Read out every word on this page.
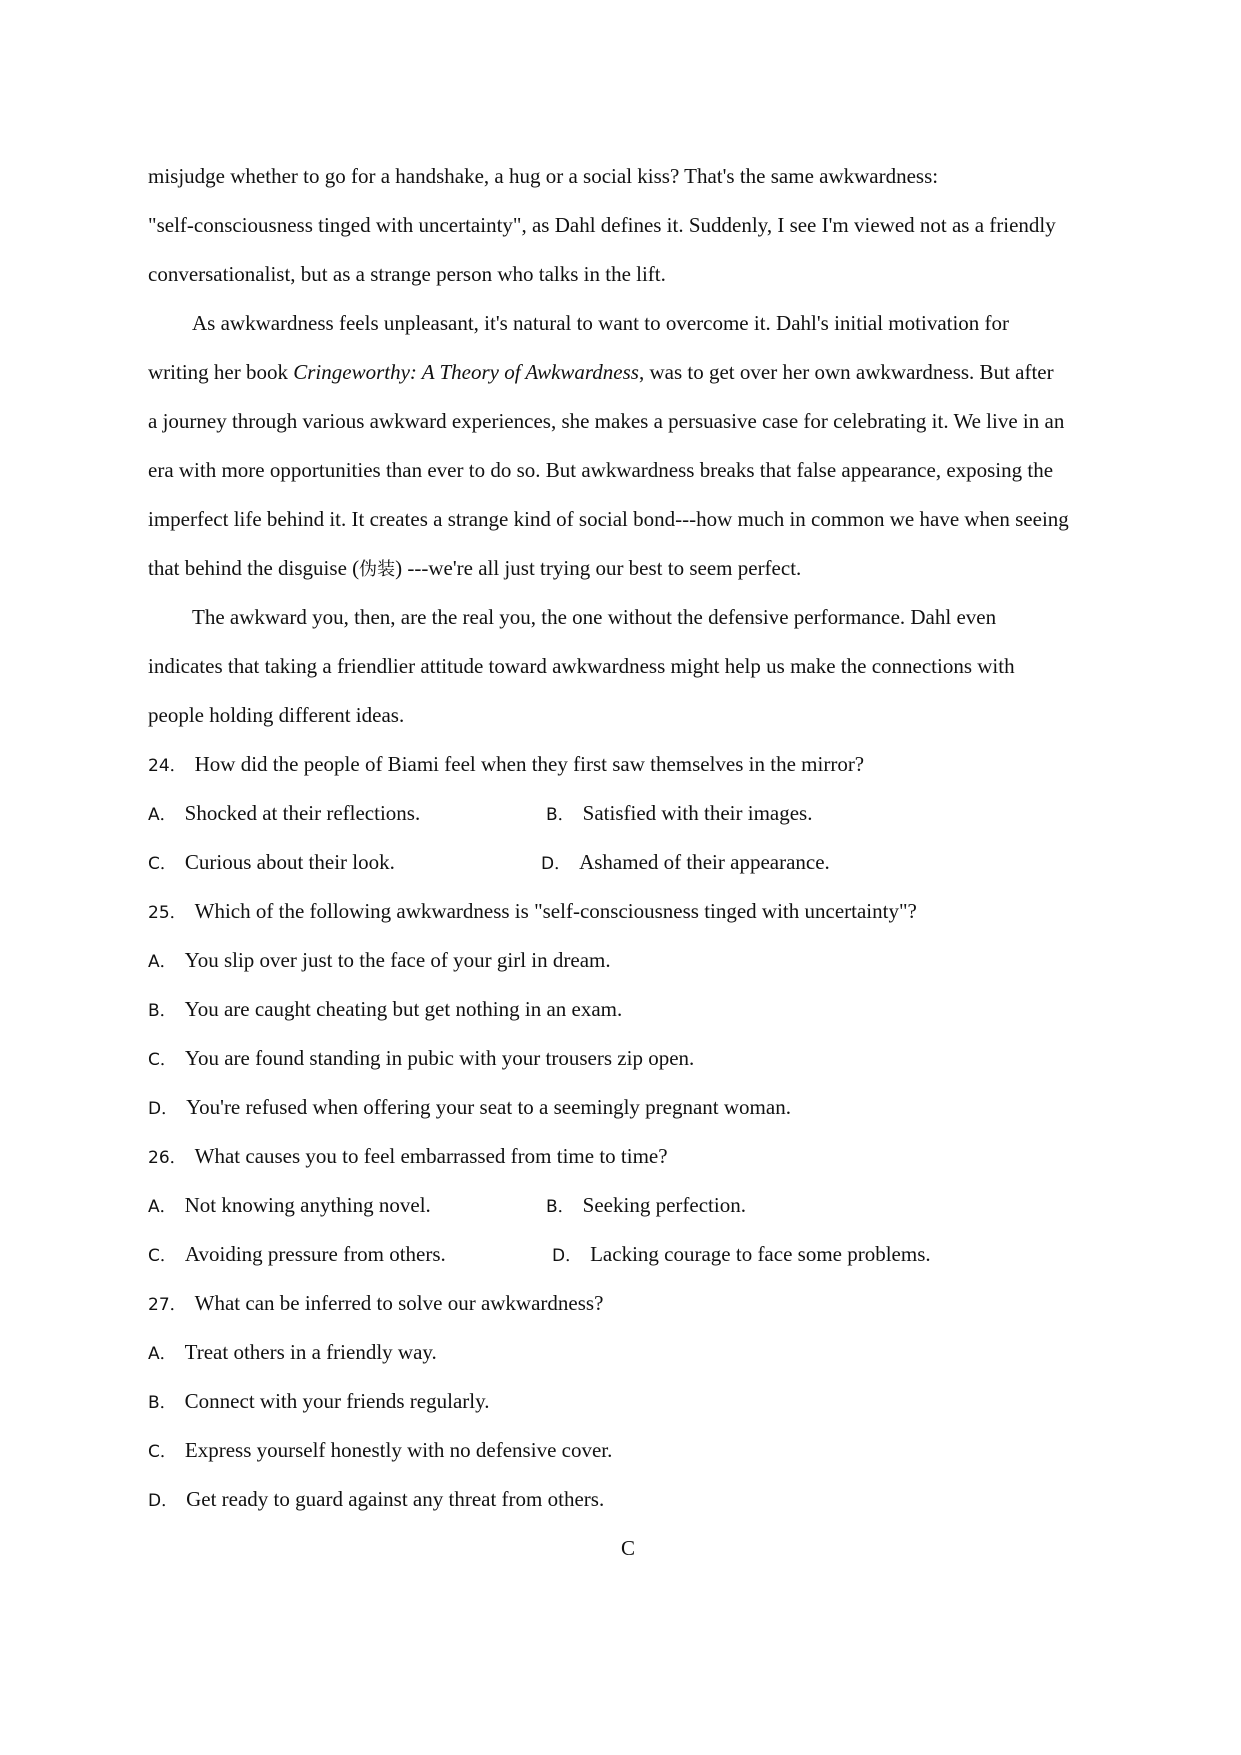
misjudge whether to go for a handshake, a hug or a social kiss? That's the same awkwardness:
"self-consciousness tinged with uncertainty", as Dahl defines it. Suddenly, I see I'm viewed not as a friendly
conversationalist, but as a strange person who talks in the lift.
As awkwardness feels unpleasant, it's natural to want to overcome it. Dahl's initial motivation for
writing her book Cringeworthy: A Theory of Awkwardness, was to get over her own awkwardness. But after
a journey through various awkward experiences, she makes a persuasive case for celebrating it. We live in an
era with more opportunities than ever to do so. But awkwardness breaks that false appearance, exposing the
imperfect life behind it. It creates a strange kind of social bond---how much in common we have when seeing
that behind the disguise (伪装) ---we're all just trying our best to seem perfect.
The awkward you, then, are the real you, the one without the defensive performance. Dahl even
indicates that taking a friendlier attitude toward awkwardness might help us make the connections with
people holding different ideas.
24． How did the people of Biami feel when they first saw themselves in the mirror?
A． Shocked at their reflections.	B． Satisfied with their images.
C． Curious about their look.	D． Ashamed of their appearance.
25． Which of the following awkwardness is "self-consciousness tinged with uncertainty"?
A． You slip over just to the face of your girl in dream.
B． You are caught cheating but get nothing in an exam.
C． You are found standing in pubic with your trousers zip open.
D． You're refused when offering your seat to a seemingly pregnant woman.
26． What causes you to feel embarrassed from time to time?
A． Not knowing anything novel.	B． Seeking perfection.
C． Avoiding pressure from others.	D． Lacking courage to face some problems.
27． What can be inferred to solve our awkwardness?
A． Treat others in a friendly way.
B． Connect with your friends regularly.
C． Express yourself honestly with no defensive cover.
D． Get ready to guard against any threat from others.
C
